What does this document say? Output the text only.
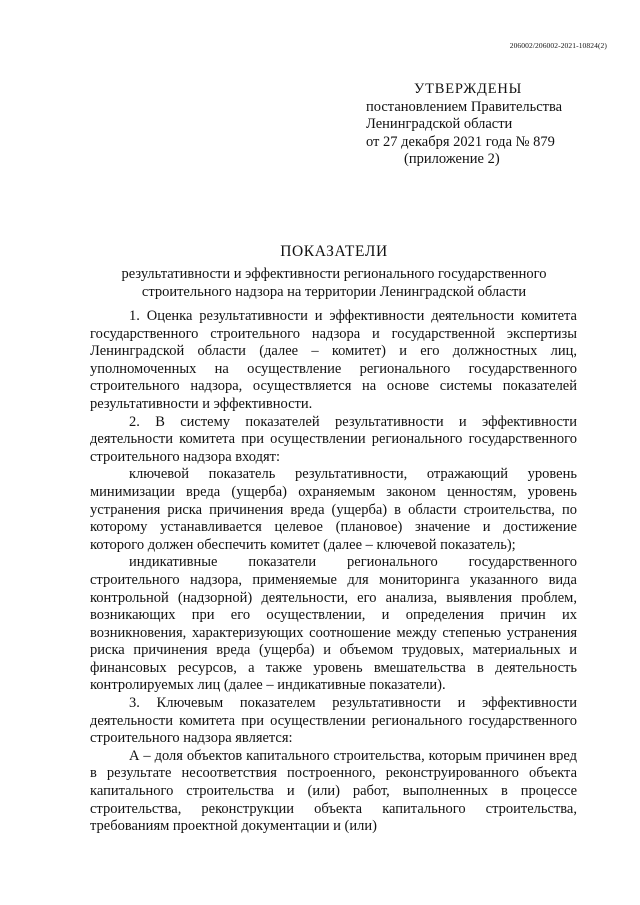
206002/206002-2021-10824(2)
УТВЕРЖДЕНЫ
постановлением Правительства
Ленинградской области
от 27 декабря 2021 года № 879
(приложение 2)
ПОКАЗАТЕЛИ
результативности и эффективности регионального государственного строительного надзора на территории Ленинградской области

1. Оценка результативности и эффективности деятельности комитета государственного строительного надзора и государственной экспертизы Ленинградской области (далее – комитет) и его должностных лиц, уполномоченных на осуществление регионального государственного строительного надзора, осуществляется на основе системы показателей результативности и эффективности.

2. В систему показателей результативности и эффективности деятельности комитета при осуществлении регионального государственного строительного надзора входят:

ключевой показатель результативности, отражающий уровень минимизации вреда (ущерба) охраняемым законом ценностям, уровень устранения риска причинения вреда (ущерба) в области строительства, по которому устанавливается целевое (плановое) значение и достижение которого должен обеспечить комитет (далее – ключевой показатель);

индикативные показатели регионального государственного строительного надзора, применяемые для мониторинга указанного вида контрольной (надзорной) деятельности, его анализа, выявления проблем, возникающих при его осуществлении, и определения причин их возникновения, характеризующих соотношение между степенью устранения риска причинения вреда (ущерба) и объемом трудовых, материальных и финансовых ресурсов, а также уровень вмешательства в деятельность контролируемых лиц (далее – индикативные показатели).

3. Ключевым показателем результативности и эффективности деятельности комитета при осуществлении регионального государственного строительного надзора является:

А – доля объектов капитального строительства, которым причинен вред в результате несоответствия построенного, реконструированного объекта капитального строительства и (или) работ, выполненных в процессе строительства, реконструкции объекта капитального строительства, требованиям проектной документации и (или)
